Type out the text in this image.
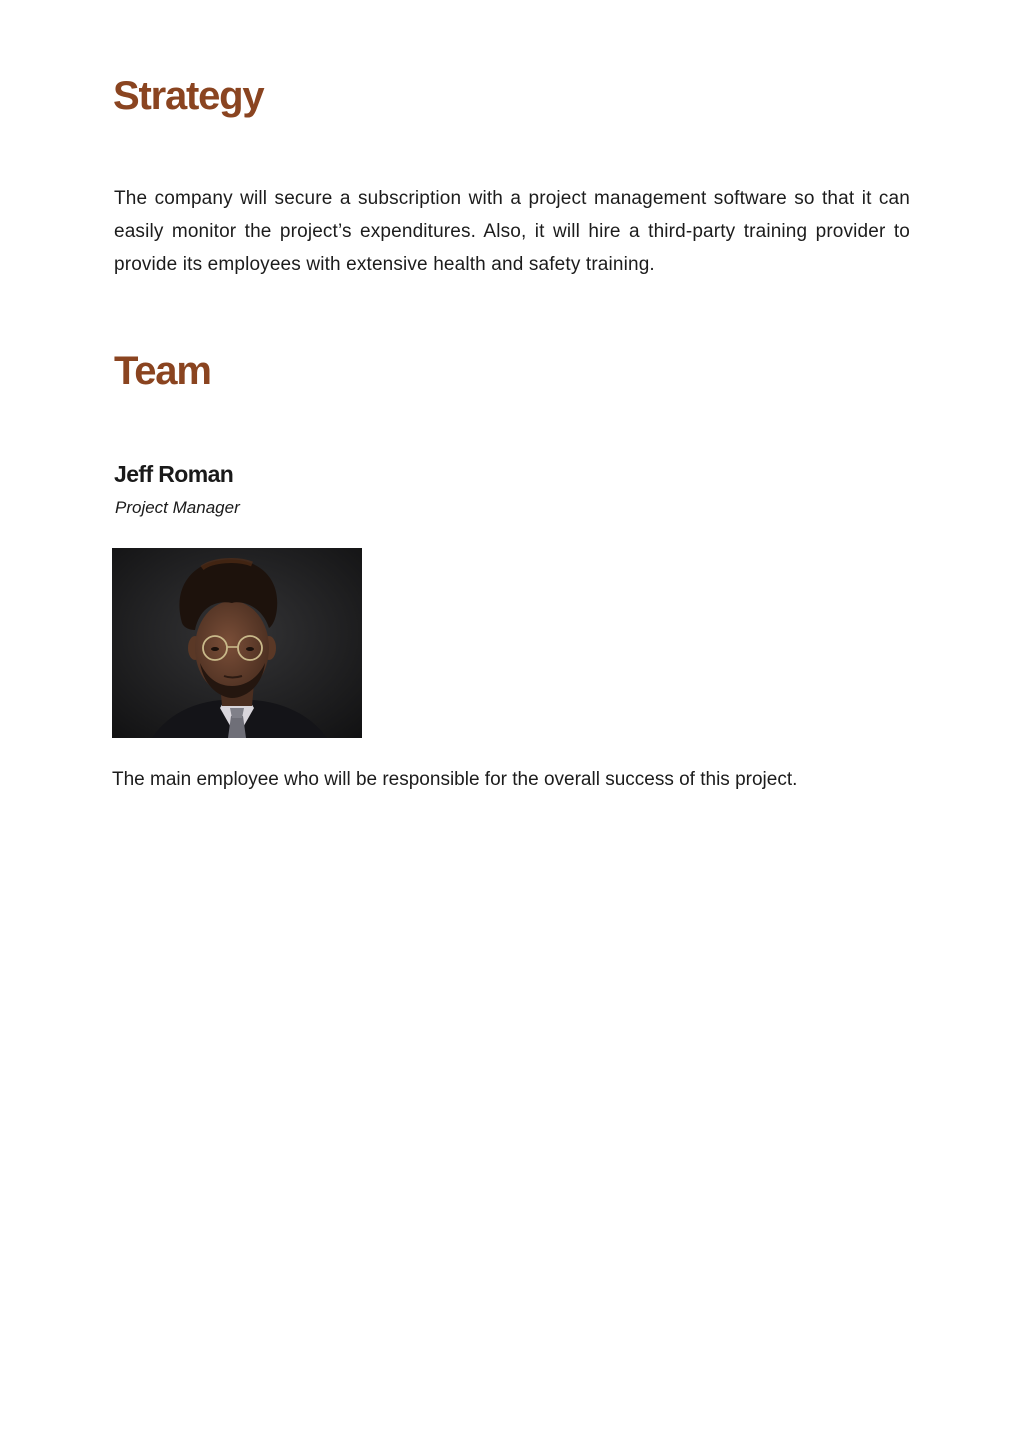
Strategy

The company will secure a subscription with a project management software so that it can easily monitor the project’s expenditures. Also, it will hire a third-party training provider to provide its employees with extensive health and safety training.

Team
Jeff Roman

Project Manager

The main employee who will be responsible for the overall success of this project.
